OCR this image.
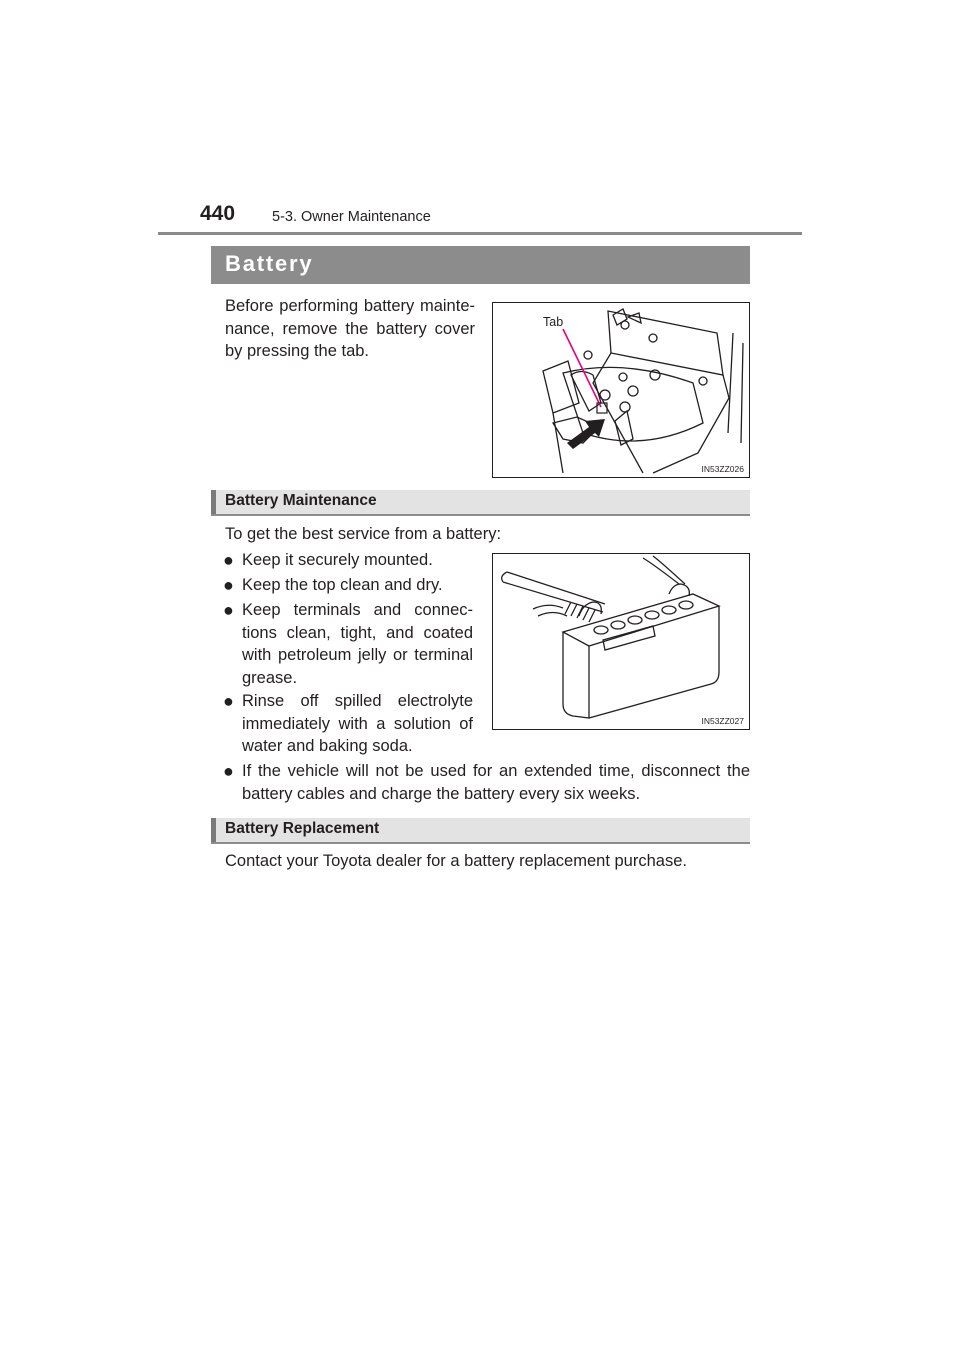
440	5-3. Owner Maintenance
Battery
Before performing battery mainte-
nance, remove the battery cover
by pressing the tab.
Tab
IN53ZZ026
Battery Maintenance
To get the best service from a battery:
● Keep it securely mounted.
● Keep the top clean and dry.
● Keep terminals and connec-
tions clean, tight, and coated
with petroleum jelly or terminal
grease.
● Rinse off spilled electrolyte
immediately with a solution of
water and baking soda.
● If the vehicle will not be used for an extended time, disconnect the
battery cables and charge the battery every six weeks.
IN53ZZ027
Battery Replacement
Contact your Toyota dealer for a battery replacement purchase.
